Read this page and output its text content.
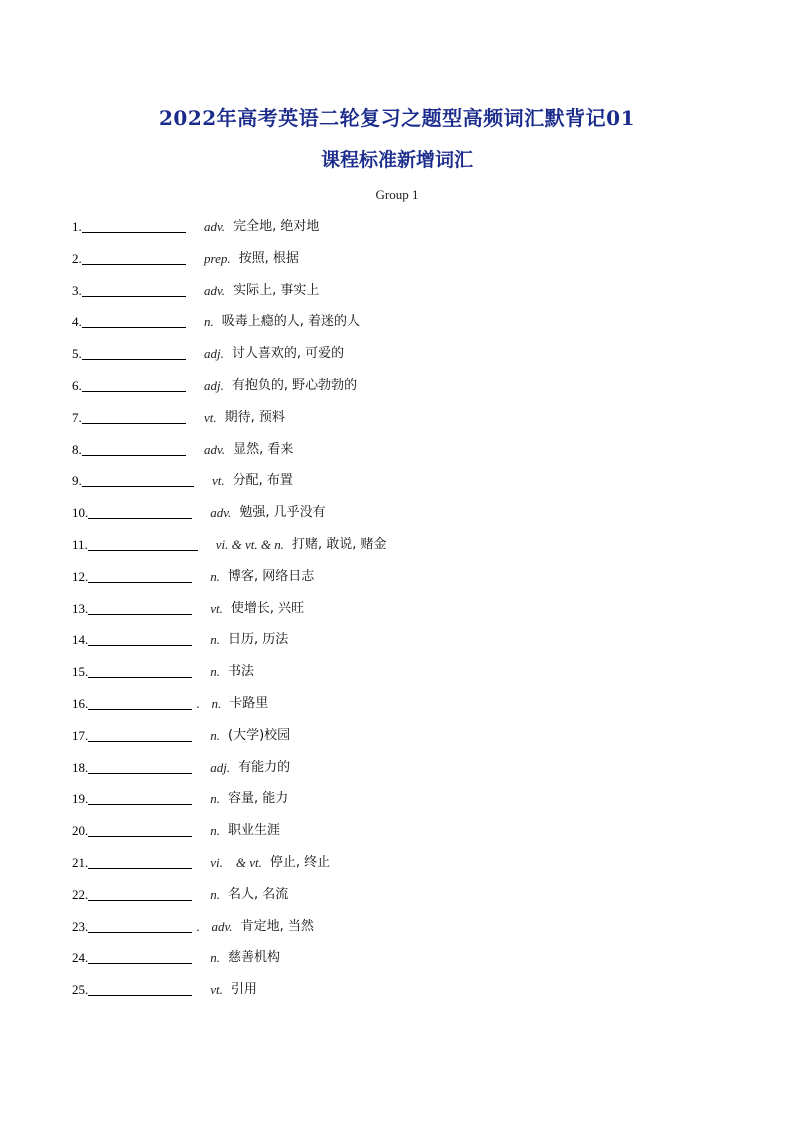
2022年高考英语二轮复习之题型高频词汇默背记01
课程标准新增词汇
Group 1
1.	adv. 完全地, 绝对地
2.	prep. 按照, 根据
3.	adv. 实际上, 事实上
4.	n. 吸毒上瘾的人, 着迷的人
5.	adj. 讨人喜欢的, 可爱的
6.	adj. 有抱负的, 野心勃勃的
7.	vt. 期待, 预料
8.	adv. 显然, 看来
9.	vt. 分配, 布置
10.	adv. 勉强, 几乎没有
11.	vi. & vt. & n. 打赌, 敢说, 赌金
12.	n. 博客, 网络日志
13.	vt. 使增长, 兴旺
14.	n. 日历, 历法
15.	n. 书法
16.	. n. 卡路里
17.	n. (大学)校园
18.	adj. 有能力的
19.	n. 容量, 能力
20.	n. 职业生涯
21.	vi.    & vt. 停止, 终止
22.	n. 名人, 名流
23.	. adv. 肯定地, 当然
24.	n. 慈善机构
25.	vt. 引用
